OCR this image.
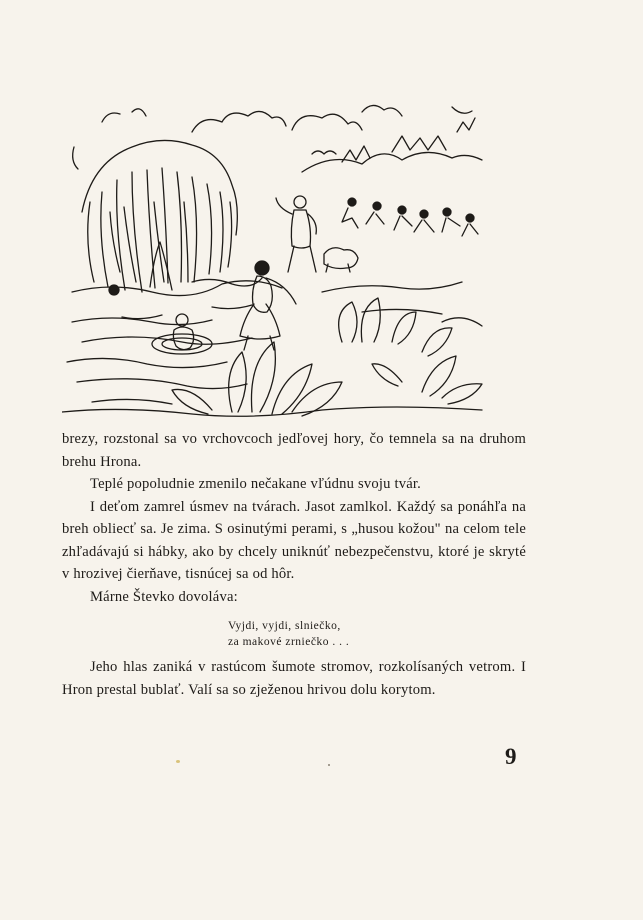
brezy, rozstonal sa vo vrchovcoch jedľovej hory, čo temnela sa na druhom brehu Hrona.

Teplé popoludnie zmenilo nečakane vľúdnu svoju tvár.

I deťom zamrel úsmev na tvárach. Jasot zamlkol. Každý sa ponáhľa na breh obliecť sa. Je zima. S osinutými perami, s „husou kožou" na celom tele zhľadávajú si hábky, ako by chcely uniknúť nebezpečenstvu, ktoré je skryté v hrozivej čierňave, tisnúcej sa od hôr.

Márne Števko dovoláva:

Vyjdi, vyjdi, slniečko,
za makové zrniečko . . .

Jeho hlas zaniká v rastúcom šumote stromov, rozkolísaných vetrom. I Hron prestal bublať. Valí sa so zježenou hrivou dolu korytom.

9
